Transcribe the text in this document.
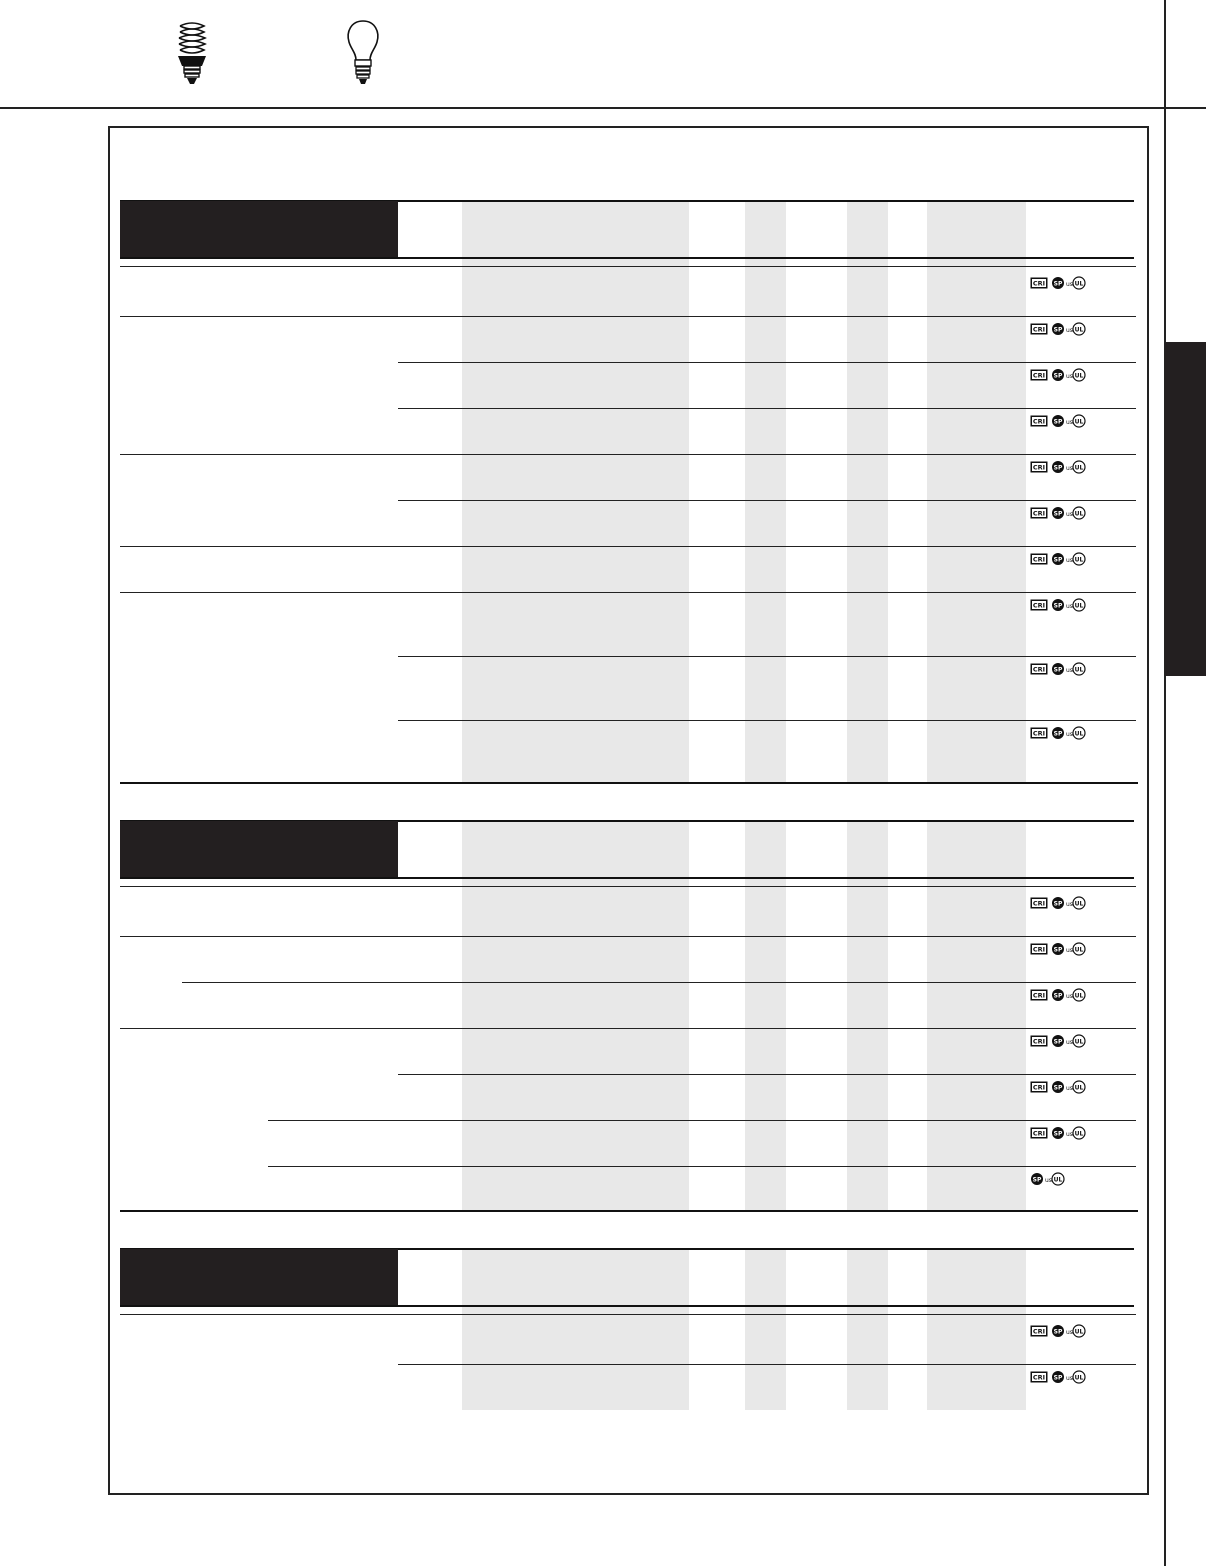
CRI SP us UL
CRI SP us UL
CRI SP us UL
CRI SP us UL
CRI SP us UL
CRI SP us UL
CRI SP us UL
CRI SP us UL
CRI SP us UL
CRI SP us UL
CRI SP us UL
CRI SP us UL
CRI SP us UL
CRI SP us UL
CRI SP us UL
CRI SP us UL
SP us UL
CRI SP us UL
CRI SP us UL
